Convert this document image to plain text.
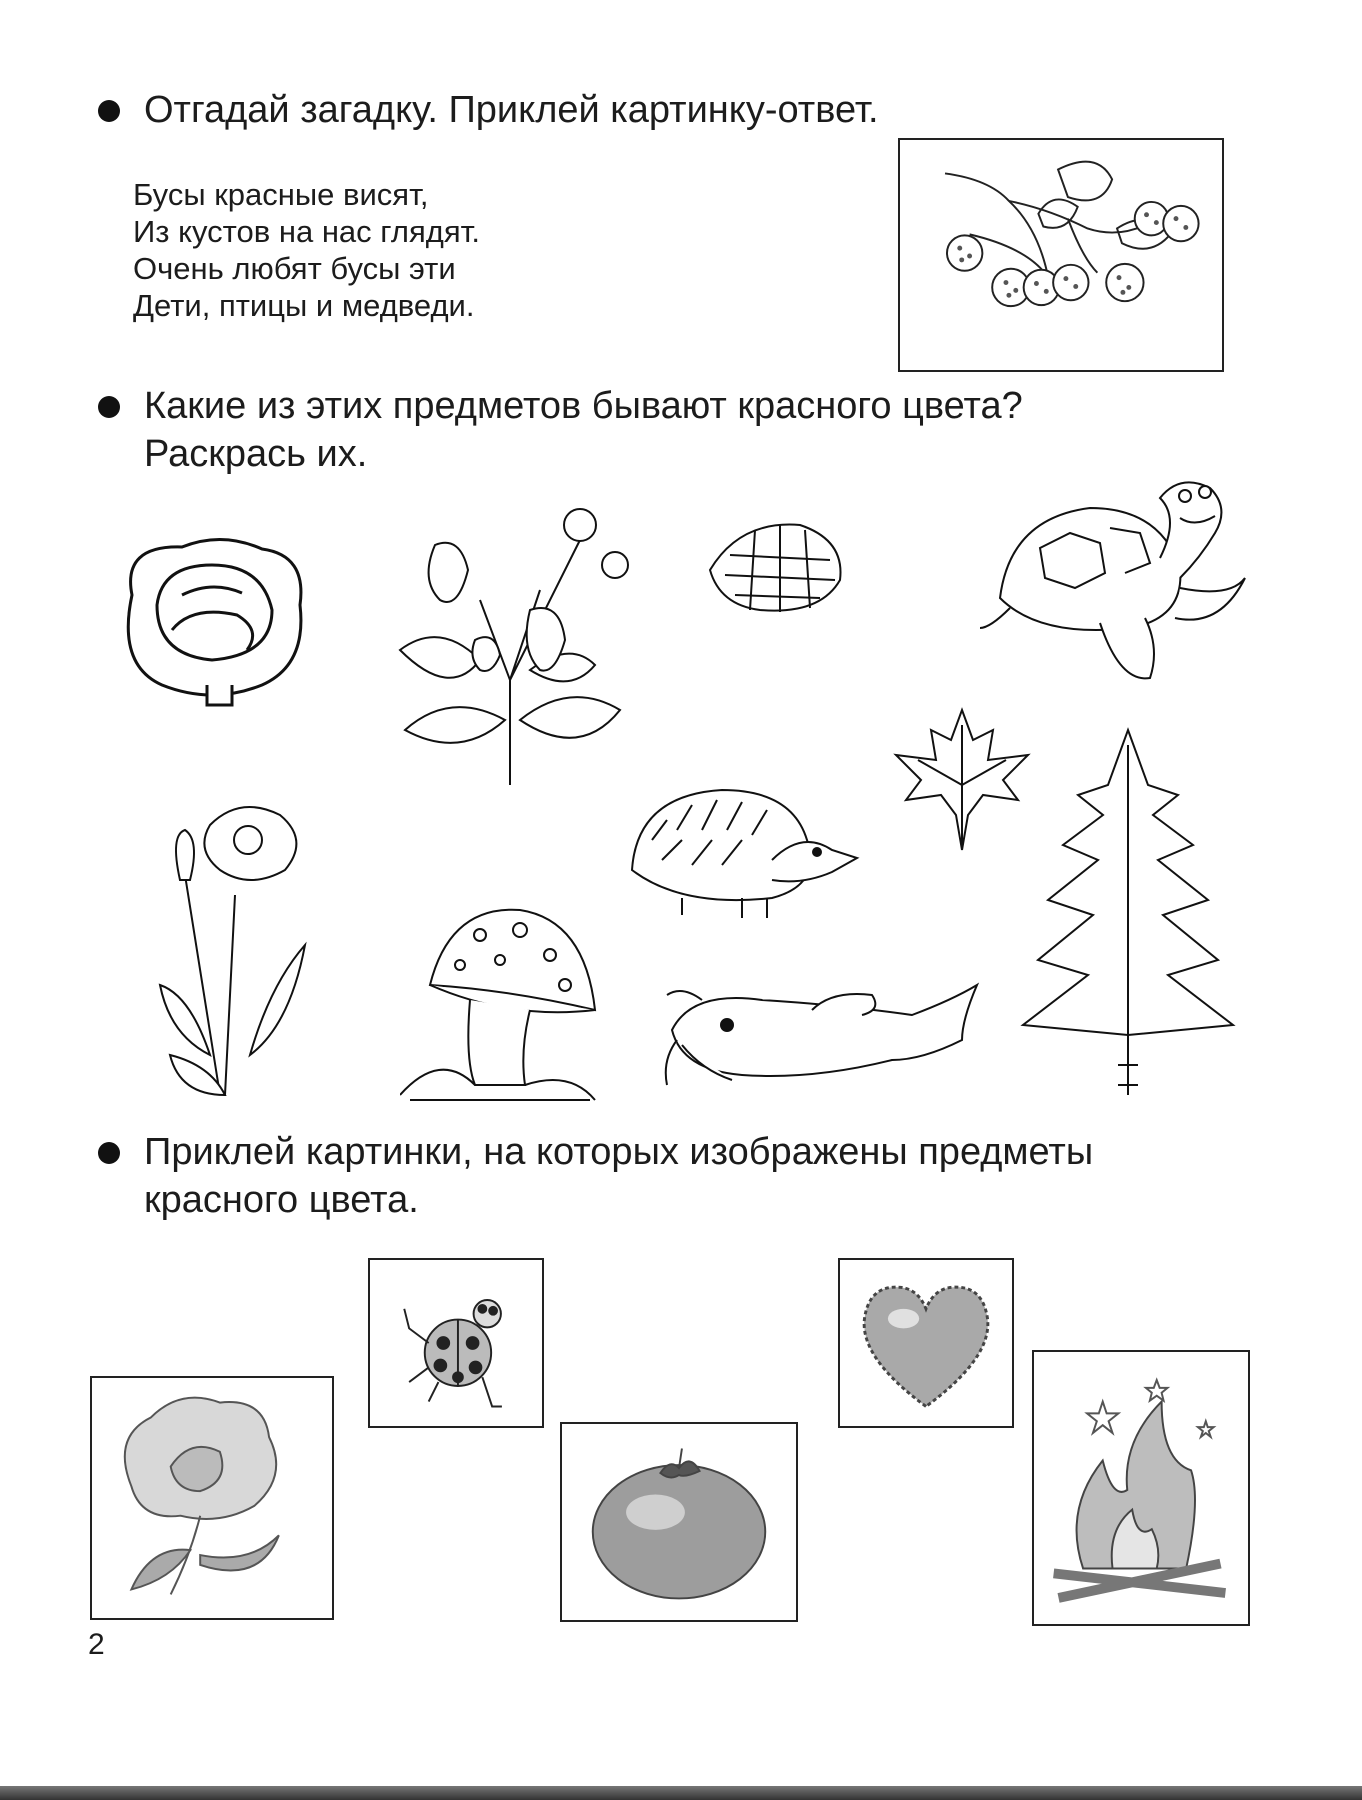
Отгадай загадку. Приклей картинку-ответ.
Бусы красные висят,
Из кустов на нас глядят.
Очень любят бусы эти
Дети, птицы и медведи.
Какие из этих предметов бывают красного цвета?
Раскрась их.
Приклей картинки, на которых изображены предметы
красного цвета.
2
